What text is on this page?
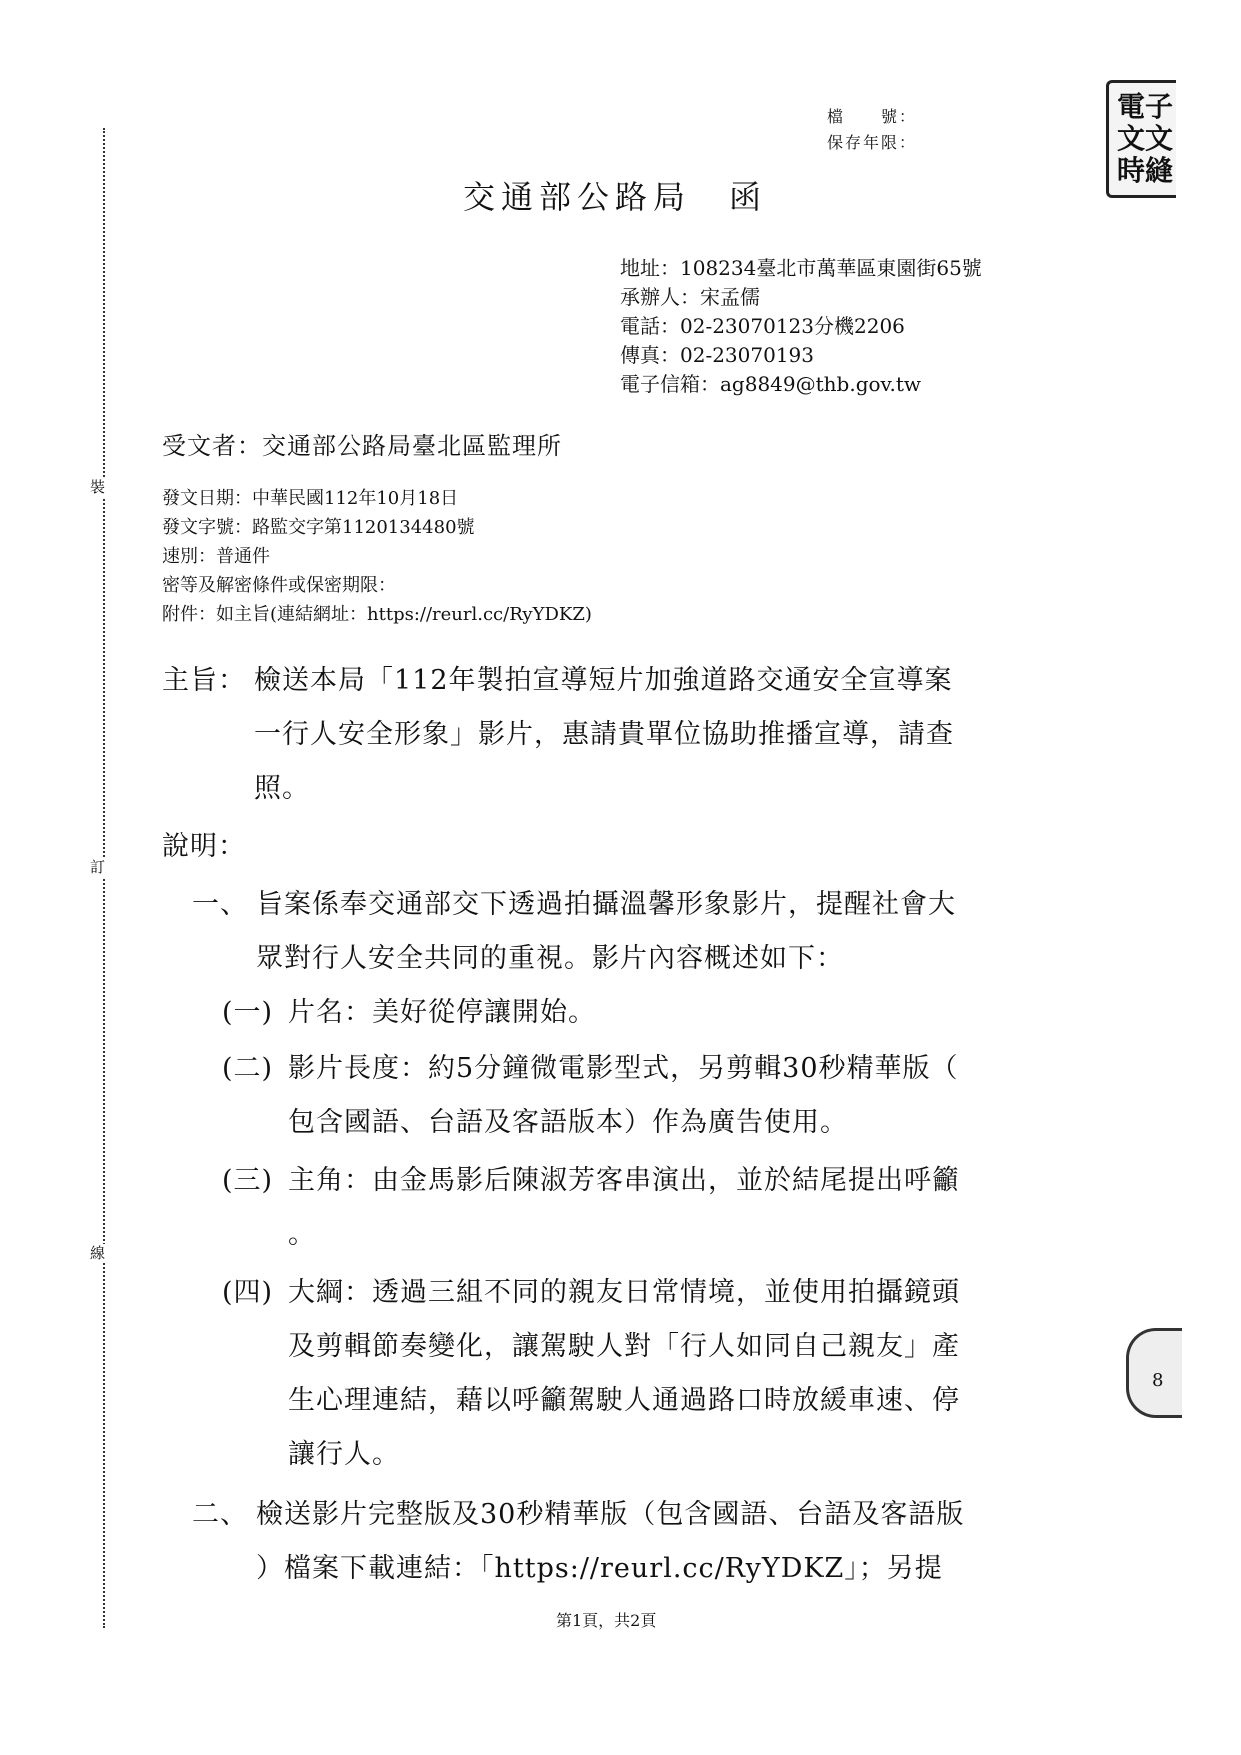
裝
訂
線
電子文文時縫
8
檔　　號：
保存年限：
交通部公路局　函
地址：108234臺北市萬華區東園街65號
承辦人：宋孟儒
電話：02-23070123分機2206
傳真：02-23070193
電子信箱：ag8849@thb.gov.tw
受文者：交通部公路局臺北區監理所
發文日期：中華民國112年10月18日
發文字號：路監交字第1120134480號
速別：普通件
密等及解密條件或保密期限：
附件：如主旨(連結網址：https://reurl.cc/RyYDKZ)
主旨： 檢送本局「112年製拍宣導短片加強道路交通安全宣導案
一行人安全形象」影片，惠請貴單位協助推播宣導，請查
照。
說明：
一、 旨案係奉交通部交下透過拍攝溫馨形象影片，提醒社會大
眾對行人安全共同的重視。影片內容概述如下：
(一) 片名：美好從停讓開始。
(二) 影片長度：約5分鐘微電影型式，另剪輯30秒精華版（
包含國語、台語及客語版本）作為廣告使用。
(三) 主角：由金馬影后陳淑芳客串演出，並於結尾提出呼籲
。
(四) 大綱：透過三組不同的親友日常情境，並使用拍攝鏡頭
及剪輯節奏變化，讓駕駛人對「行人如同自己親友」產
生心理連結，藉以呼籲駕駛人通過路口時放緩車速、停
讓行人。
二、 檢送影片完整版及30秒精華版（包含國語、台語及客語版
）檔案下載連結：「https://reurl.cc/RyYDKZ」；另提
第1頁，共2頁
